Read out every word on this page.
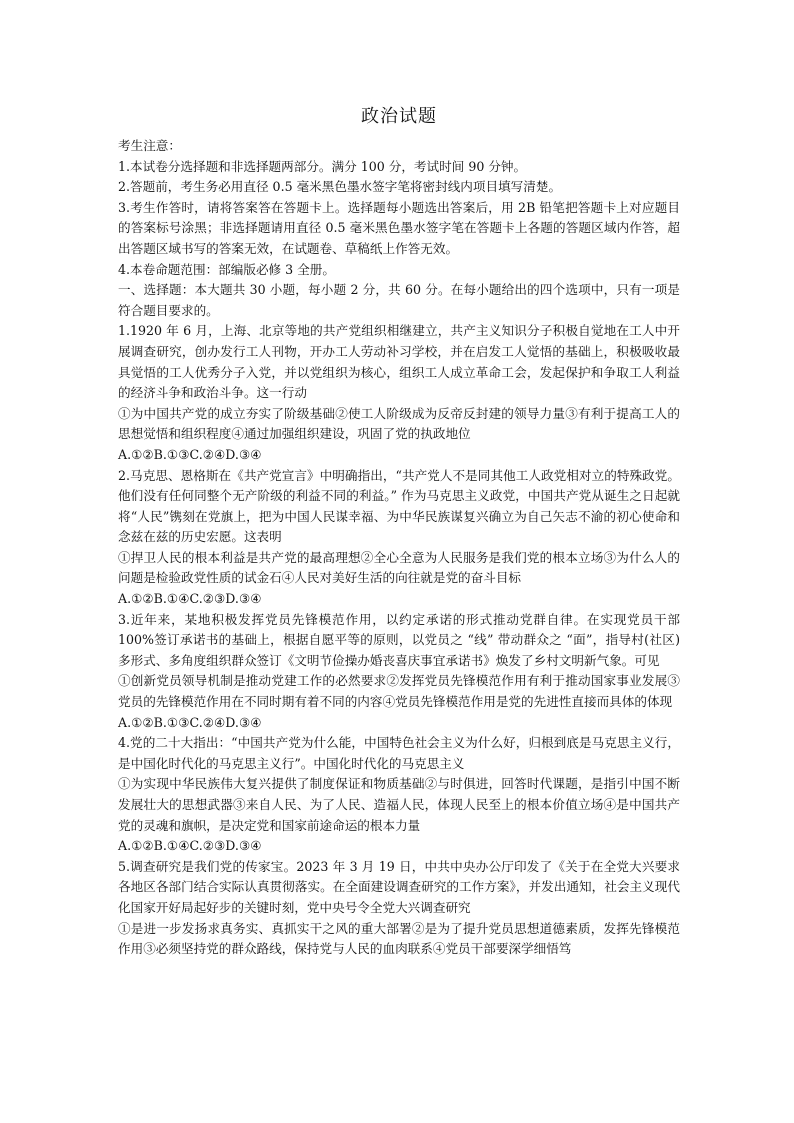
政治试题
考生注意：
1.本试卷分选择题和非选择题两部分。满分 100 分，考试时间 90 分钟。
2.答题前，考生务必用直径 0.5 毫米黑色墨水签字笔将密封线内项目填写清楚。
3.考生作答时，请将答案答在答题卡上。选择题每小题选出答案后，用 2B 铅笔把答题卡上对应题目的答案标号涂黑；非选择题请用直径 0.5 毫米黑色墨水签字笔在答题卡上各题的答题区域内作答，超出答题区域书写的答案无效，在试题卷、草稿纸上作答无效。
4.本卷命题范围：部编版必修 3 全册。
一、选择题：本大题共 30 小题，每小题 2 分，共 60 分。在每小题给出的四个选项中，只有一项是符合题目要求的。
1.1920 年 6 月，上海、北京等地的共产党组织相继建立，共产主义知识分子积极自觉地在工人中开展调查研究，创办发行工人刊物，开办工人劳动补习学校，并在启发工人觉悟的基础上，积极吸收最具觉悟的工人优秀分子入党，并以党组织为核心，组织工人成立革命工会，发起保护和争取工人利益的经济斗争和政治斗争。这一行动
①为中国共产党的成立夯实了阶级基础②使工人阶级成为反帝反封建的领导力量③有利于提高工人的思想觉悟和组织程度④通过加强组织建设，巩固了党的执政地位
A.①②B.①③C.②④D.③④
2.马克思、恩格斯在《共产党宣言》中明确指出，“共产党人不是同其他工人政党相对立的特殊政党。他们没有任何同整个无产阶级的利益不同的利益。” 作为马克思主义政党，中国共产党从诞生之日起就将“人民”镌刻在党旗上，把为中国人民谋幸福、为中华民族谋复兴确立为自己矢志不渝的初心使命和念兹在兹的历史宏愿。这表明
①捍卫人民的根本利益是共产党的最高理想②全心全意为人民服务是我们党的根本立场③为什么人的问题是检验政党性质的试金石④人民对美好生活的向往就是党的奋斗目标
A.①②B.①④C.②③D.③④
3.近年来，某地积极发挥党员先锋模范作用，以约定承诺的形式推动党群自律。在实现党员干部 100%签订承诺书的基础上，根据自愿平等的原则，以党员之 “线” 带动群众之 “面”，指导村(社区)多形式、多角度组织群众签订《文明节俭操办婚丧喜庆事宜承诺书》焕发了乡村文明新气象。可见
①创新党员领导机制是推动党建工作的必然要求②发挥党员先锋模范作用有利于推动国家事业发展③党员的先锋模范作用在不同时期有着不同的内容④党员先锋模范作用是党的先进性直接而具体的体现
A.①②B.①③C.②④D.③④
4.党的二十大指出：“中国共产党为什么能，中国特色社会主义为什么好，归根到底是马克思主义行，是中国化时代化的马克思主义行”。中国化时代化的马克思主义
①为实现中华民族伟大复兴提供了制度保证和物质基础②与时俱进，回答时代课题，是指引中国不断发展壮大的思想武器③来自人民、为了人民、造福人民，体现人民至上的根本价值立场④是中国共产党的灵魂和旗帜，是决定党和国家前途命运的根本力量
A.①②B.①④C.②③D.③④
5.调查研究是我们党的传家宝。2023 年 3 月 19 日，中共中央办公厅印发了《关于在全党大兴要求各地区各部门结合实际认真贯彻落实。在全面建设调查研究的工作方案》，并发出通知，社会主义现代化国家开好局起好步的关键时刻，党中央号令全党大兴调查研究
①是进一步发扬求真务实、真抓实干之风的重大部署②是为了提升党员思想道德素质，发挥先锋模范作用③必须坚持党的群众路线，保持党与人民的血肉联系④党员干部要深学细悟笃
